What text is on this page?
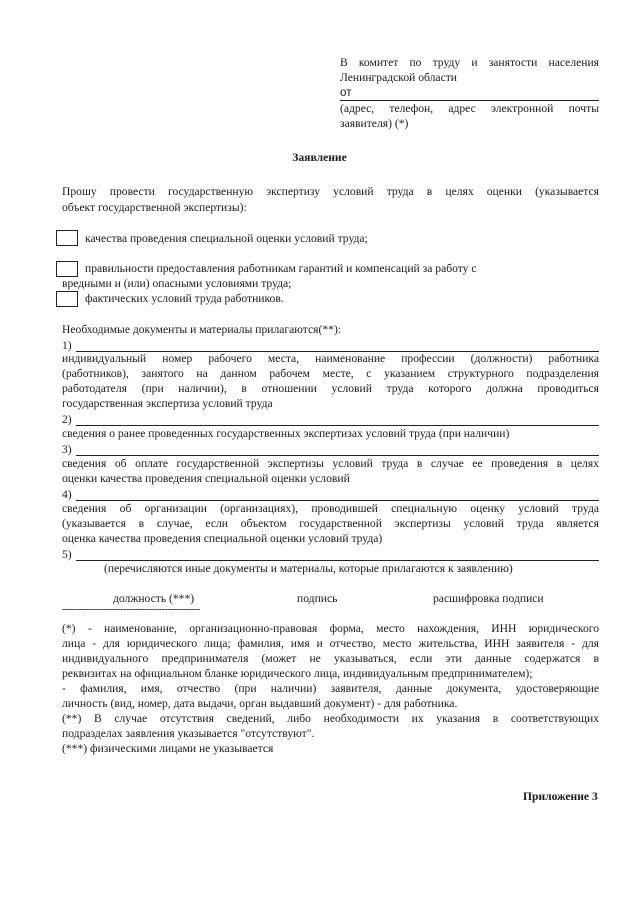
В комитет по труду и занятости населения
Ленинградской области
от
(адрес, телефон, адрес электронной почты
заявителя) (*)
Заявление
Прошу провести государственную экспертизу условий труда в целях оценки (указывается
объект государственной экспертизы):
качества проведения специальной оценки условий труда;
правильности предоставления работникам гарантий и компенсаций за работу с
вредными и (или) опасными условиями труда;
фактических условий труда работников.
Необходимые документы и материалы прилагаются(**):
1)
индивидуальный номер рабочего места, наименование профессии (должности) работника
(работников), занятого на данном рабочем месте, с указанием структурного подразделения
работодателя (при наличии), в отношении условий труда которого должна проводиться
государственная экспертиза условий труда
2)
сведения о ранее проведенных государственных экспертизах условий труда (при наличии)
3)
сведения об оплате государственной экспертизы условий труда в случае ее проведения в целях
оценки качества проведения специальной оценки условий
4)
сведения об организации (организациях), проводившей специальную оценку условий труда
(указывается в случае, если объектом государственной экспертизы условий труда является
оценка качества проведения специальной оценки условий труда)
5)
(перечисляются иные документы и материалы, которые прилагаются к заявлению)
должность (***)	подпись	расшифровка подписи
-----------------------------------------------
(*) - наименование, организационно-правовая форма, место нахождения, ИНН юридического
лица - для юридического лица; фамилия, имя и отчество, место жительства, ИНН заявителя - для
индивидуального предпринимателя (может не указываться, если эти данные содержатся в
реквизитах на официальном бланке юридического лица, индивидуальным предпринимателем);
- фамилия, имя, отчество (при наличии) заявителя, данные документа, удостоверяющие
личность (вид, номер, дата выдачи, орган выдавший документ) - для работника.
(**) В случае отсутствия сведений, либо необходимости их указания в соответствующих
подразделах заявления указывается "отсутствуют".
(***) физическими лицами не указывается
Приложение 3
